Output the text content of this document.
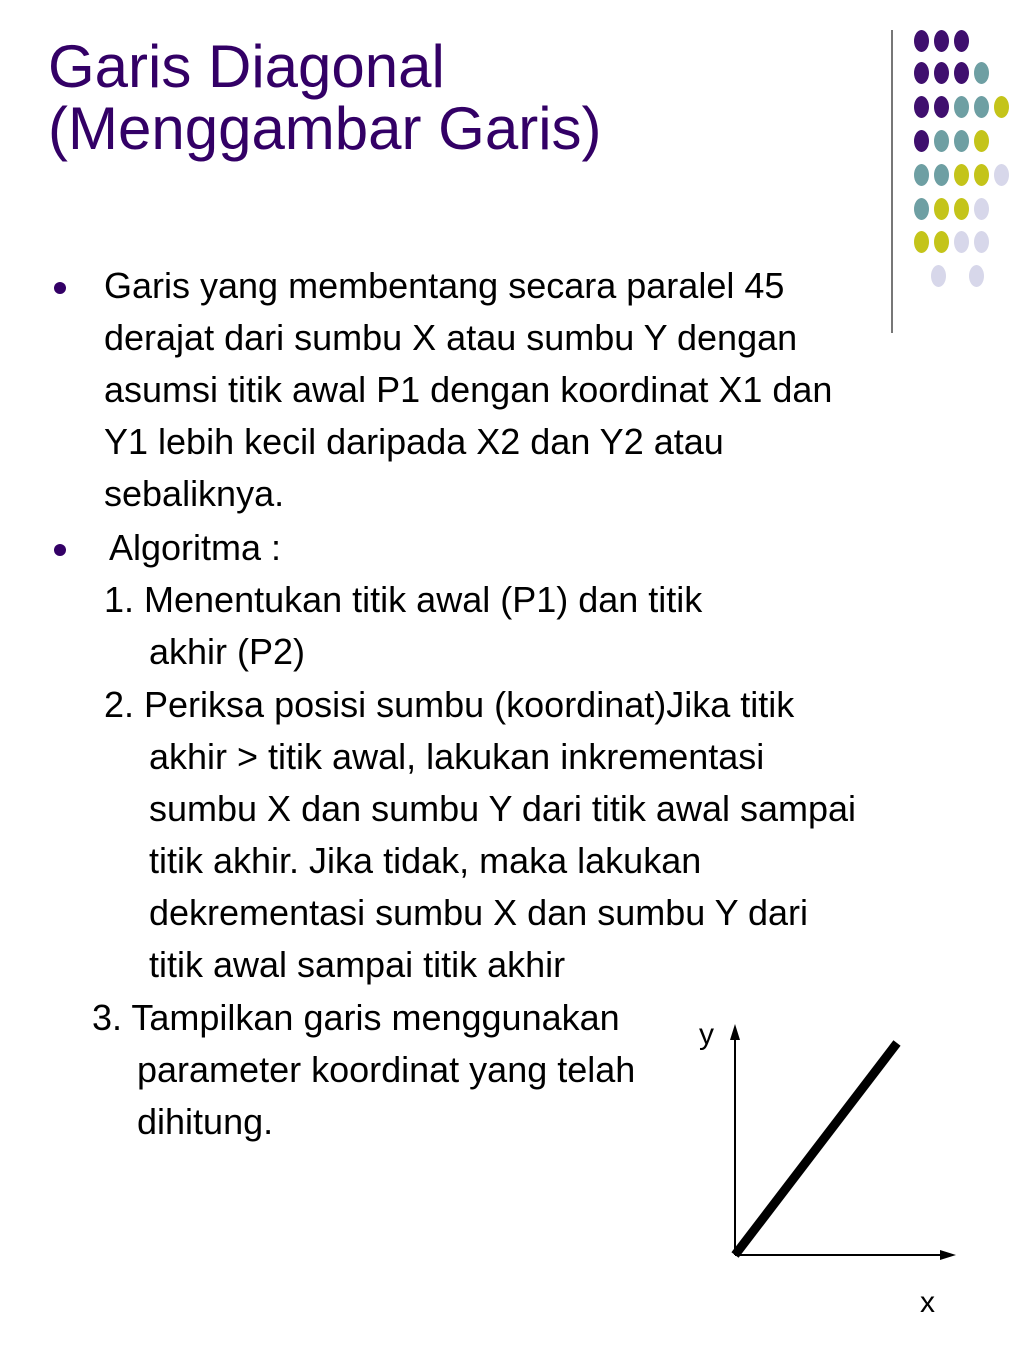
Garis Diagonal
(Menggambar Garis)
Garis yang membentang secara paralel 45
derajat dari sumbu X atau sumbu Y dengan
asumsi titik awal P1 dengan koordinat X1 dan
Y1 lebih kecil daripada X2 dan Y2 atau
sebaliknya.
Algoritma :
1. Menentukan titik awal (P1) dan titik
akhir (P2)
2. Periksa posisi sumbu (koordinat)Jika titik
akhir > titik awal, lakukan inkrementasi
sumbu X dan sumbu Y dari titik awal sampai
titik akhir. Jika tidak, maka lakukan
dekrementasi sumbu X dan sumbu Y dari
titik awal sampai titik akhir
3. Tampilkan garis menggunakan
parameter koordinat yang telah
dihitung.
y
x
